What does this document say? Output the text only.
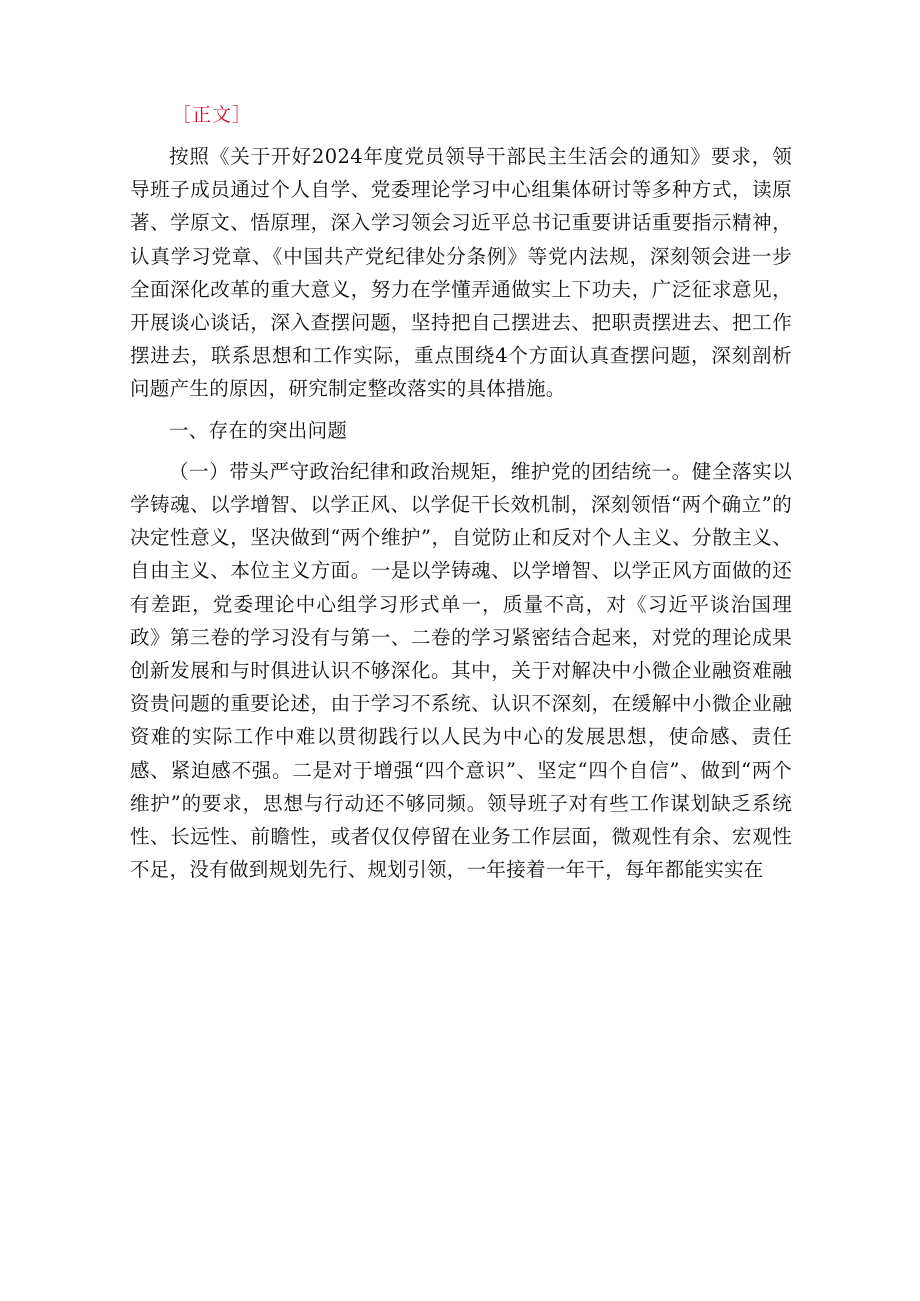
［正文］

按照《关于开好2024年度党员领导干部民主生活会的通知》要求，领导班子成员通过个人自学、党委理论学习中心组集体研讨等多种方式，读原著、学原文、悟原理，深入学习领会习近平总书记重要讲话重要指示精神，认真学习党章、《中国共产党纪律处分条例》等党内法规，深刻领会进一步全面深化改革的重大意义，努力在学懂弄通做实上下功夫，广泛征求意见，开展谈心谈话，深入查摆问题，坚持把自己摆进去、把职责摆进去、把工作摆进去，联系思想和工作实际，重点围绕4个方面认真查摆问题，深刻剖析问题产生的原因，研究制定整改落实的具体措施。

一、存在的突出问题

（一）带头严守政治纪律和政治规矩，维护党的团结统一。健全落实以学铸魂、以学增智、以学正风、以学促干长效机制，深刻领悟“两个确立”的决定性意义，坚决做到“两个维护”，自觉防止和反对个人主义、分散主义、自由主义、本位主义方面。一是以学铸魂、以学增智、以学正风方面做的还有差距，党委理论中心组学习形式单一，质量不高，对《习近平谈治国理政》第三卷的学习没有与第一、二卷的学习紧密结合起来，对党的理论成果创新发展和与时俱进认识不够深化。其中，关于对解决中小微企业融资难融资贵问题的重要论述，由于学习不系统、认识不深刻，在缓解中小微企业融资难的实际工作中难以贯彻践行以人民为中心的发展思想，使命感、责任感、紧迫感不强。二是对于增强“四个意识”、坚定“四个自信”、做到“两个维护”的要求，思想与行动还不够同频。领导班子对有些工作谋划缺乏系统性、长远性、前瞻性，或者仅仅停留在业务工作层面，微观性有余、宏观性不足，没有做到规划先行、规划引领，一年接着一年干，每年都能实实在
